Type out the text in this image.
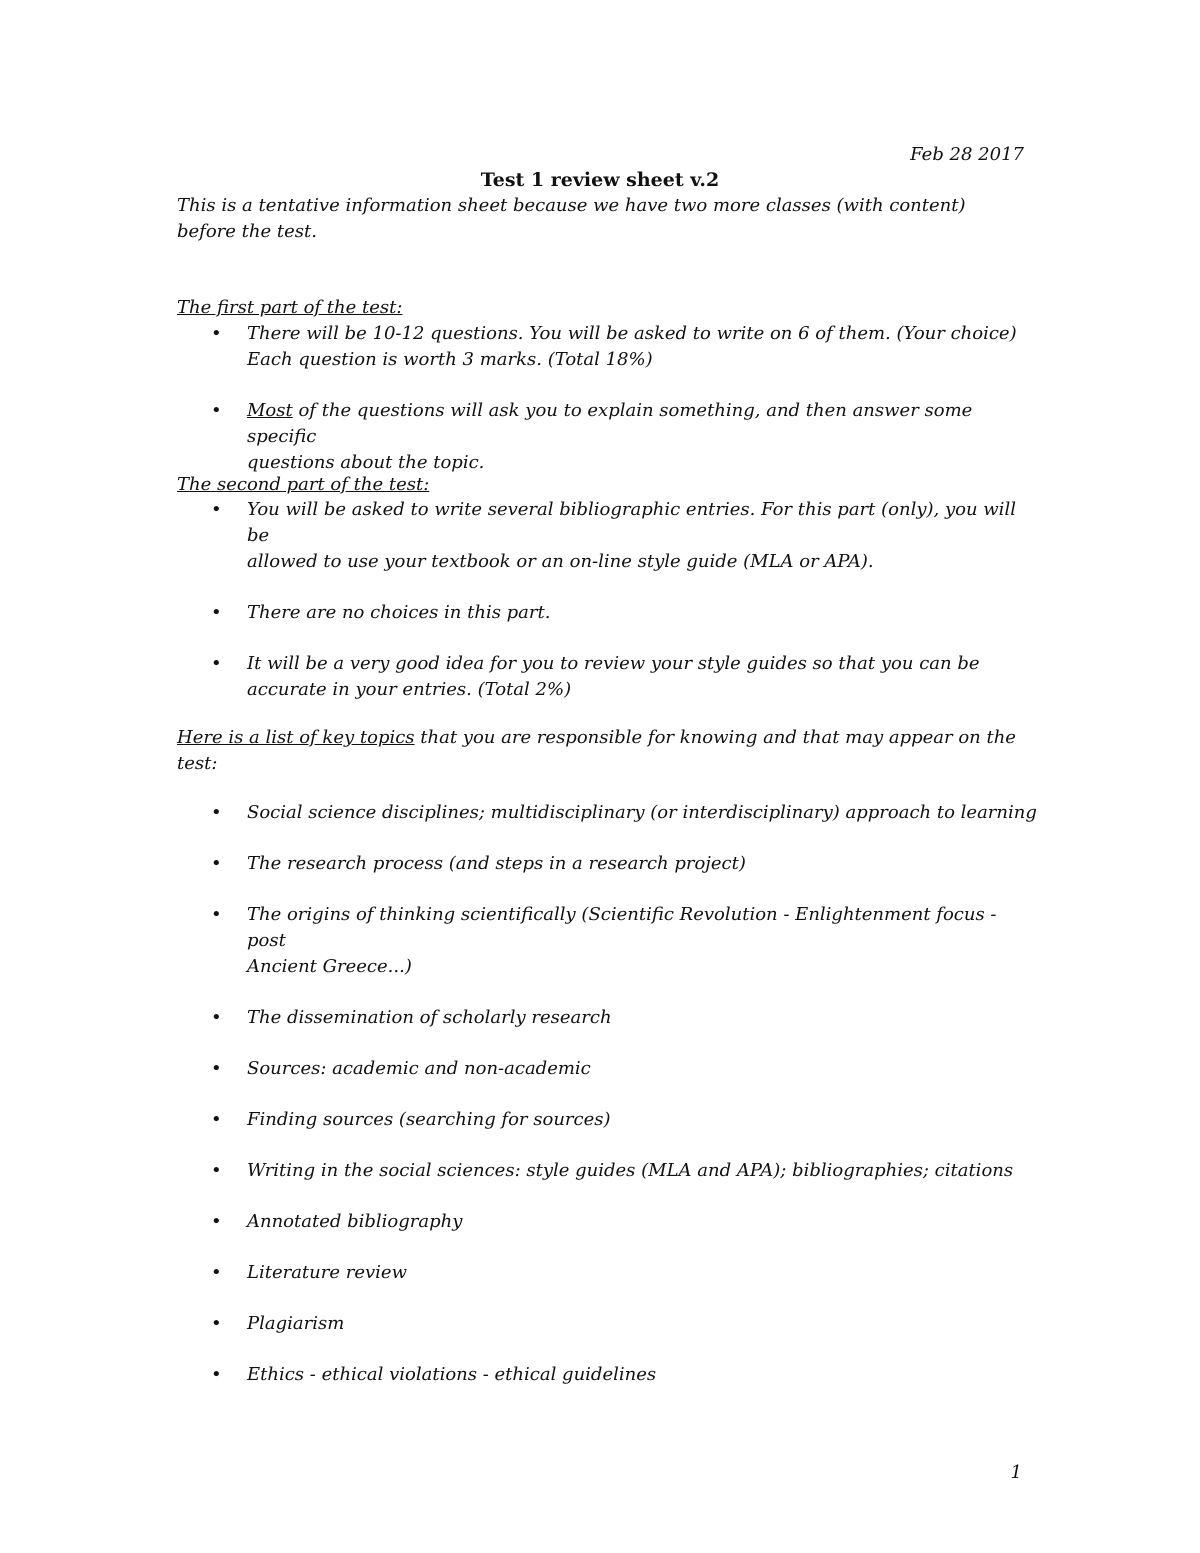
Feb 28 2017
Test 1 review sheet v.2
This is a tentative information sheet because we have two more classes (with content) before the test.
The first part of the test:
• There will be 10-12 questions. You will be asked to write on 6 of them. (Your choice)
Each question is worth 3 marks. (Total 18%)
• Most of the questions will ask you to explain something, and then answer some specific
questions about the topic.
The second part of the test:
• You will be asked to write several bibliographic entries. For this part (only), you will be
allowed to use your textbook or an on-line style guide (MLA or APA).
• There are no choices in this part.
• It will be a very good idea for you to review your style guides so that you can be
accurate in your entries. (Total 2%)
Here is a list of key topics that you are responsible for knowing and that may appear on the
test:
• Social science disciplines; multidisciplinary (or interdisciplinary) approach to learning
• The research process (and steps in a research project)
• The origins of thinking scientifically (Scientific Revolution - Enlightenment focus - post
Ancient Greece...)
• The dissemination of scholarly research
• Sources: academic and non-academic
• Finding sources (searching for sources)
• Writing in the social sciences: style guides (MLA and APA); bibliographies; citations
• Annotated bibliography
• Literature review
• Plagiarism
• Ethics - ethical violations - ethical guidelines
1
